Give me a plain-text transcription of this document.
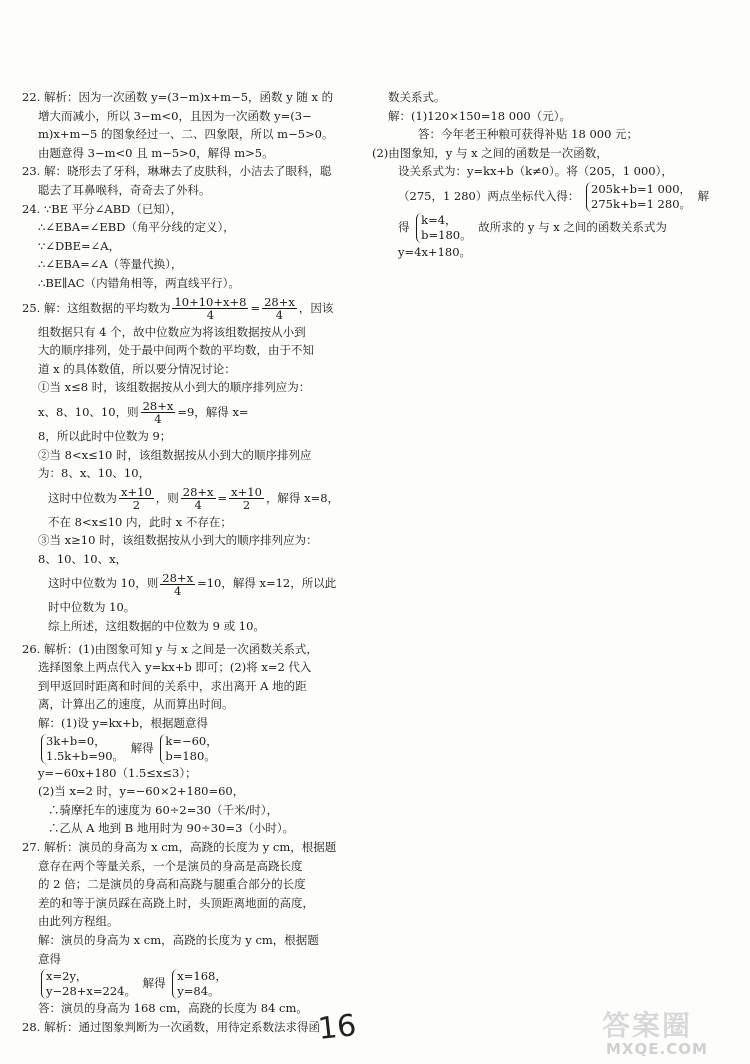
22. 解析：因为一次函数 y=(3−m)x+m−5，函数 y 随 x 的
增大而减小，所以 3−m<0，且因为一次函数 y=(3−
m)x+m−5 的图象经过一、二、四象限，所以 m−5>0。
由题意得 3−m<0 且 m−5>0，解得 m>5。
23. 解：晓形去了牙科，琳琳去了皮肤科，小洁去了眼科，聪
聪去了耳鼻喉科，奇奇去了外科。
24. ∵BE 平分∠ABD（已知），
∴∠EBA=∠EBD（角平分线的定义），
∵∠DBE=∠A，
∴∠EBA=∠A（等量代换），
∴BE∥AC（内错角相等，两直线平行）。
25. 解：这组数据的平均数为 $\frac{10+10+x+8}{4} = \frac{28+x}{4}$ ，因该
组数据只有 4 个，故中位数应为将该组数据按从小到
大的顺序排列，处于最中间两个数的平均数，由于不知
道 x 的具体数值，所以要分情况讨论：
①当 x≤8 时，该组数据按从小到大的顺序排列应为：
x、8、10、10，则 $\frac{28+x}{4} =9$，解得 x=
8，所以此时中位数为 9；
②当 8<x≤10 时，该组数据按从小到大的顺序排列应
为：8、x、10、10，
这时中位数为 $\frac{x+10}{2}$ ，则 $\frac{28+x}{4} = \frac{x+10}{2}$ ，解得 x=8，
不在 8<x≤10 内，此时 x 不存在；
③当 x≥10 时，该组数据按从小到大的顺序排列应为：
8、10、10、x，
这时中位数为 10，则 $\frac{28+x}{4} =10$，解得 x=12，所以此
时中位数为 10。
综上所述，这组数据的中位数为 9 或 10。
26. 解析：(1)由图象可知 y 与 x 之间是一次函数关系式，
选择图象上两点代入 y=kx+b 即可；(2)将 x=2 代入
到甲返回时距离和时间的关系中，求出离开 A 地的距
离，计算出乙的速度，从而算出时间。
解：(1)设 y=kx+b，根据题意得
3k+b=0，
1.5k+b=90。
解得 k=−60，
b=180。
y=−60x+180（1.5≤x≤3）；
(2)当 x=2 时，y=−60×2+180=60，
∴骑摩托车的速度为 60÷2=30（千米/时），
∴乙从 A 地到 B 地用时为 90÷30=3（小时）。
27. 解析：演员的身高为 x cm，高跷的长度为 y cm，根据题
意存在两个等量关系，一个是演员的身高是高跷长度
的 2 倍；二是演员的身高和高跷与腿重合部分的长度
差的和等于演员踩在高跷上时，头顶距离地面的高度，
由此列方程组。
解：演员的身高为 x cm，高跷的长度为 y cm，根据题
意得
x=2y，
y−28+x=224。
解得 x=168，
y=84。
答：演员的身高为 168 cm，高跷的长度为 84 cm。
28. 解析：通过图象判断为一次函数，用待定系数法求得函
数关系式。
解：(1)120×150=18 000（元）。
答：今年老王种粮可获得补贴 18 000 元；
(2)由图象知，y 与 x 之间的函数是一次函数，
设关系式为：y=kx+b（k≠0）。将（205，1 000），
（275，1 280）两点坐标代入得： 205k+b=1 000，
275k+b=1 280。
解
得 k=4，
b=180。
故所求的 y 与 x 之间的函数关系式为
y=4x+180。
16	答案圈
MXQE.COM
